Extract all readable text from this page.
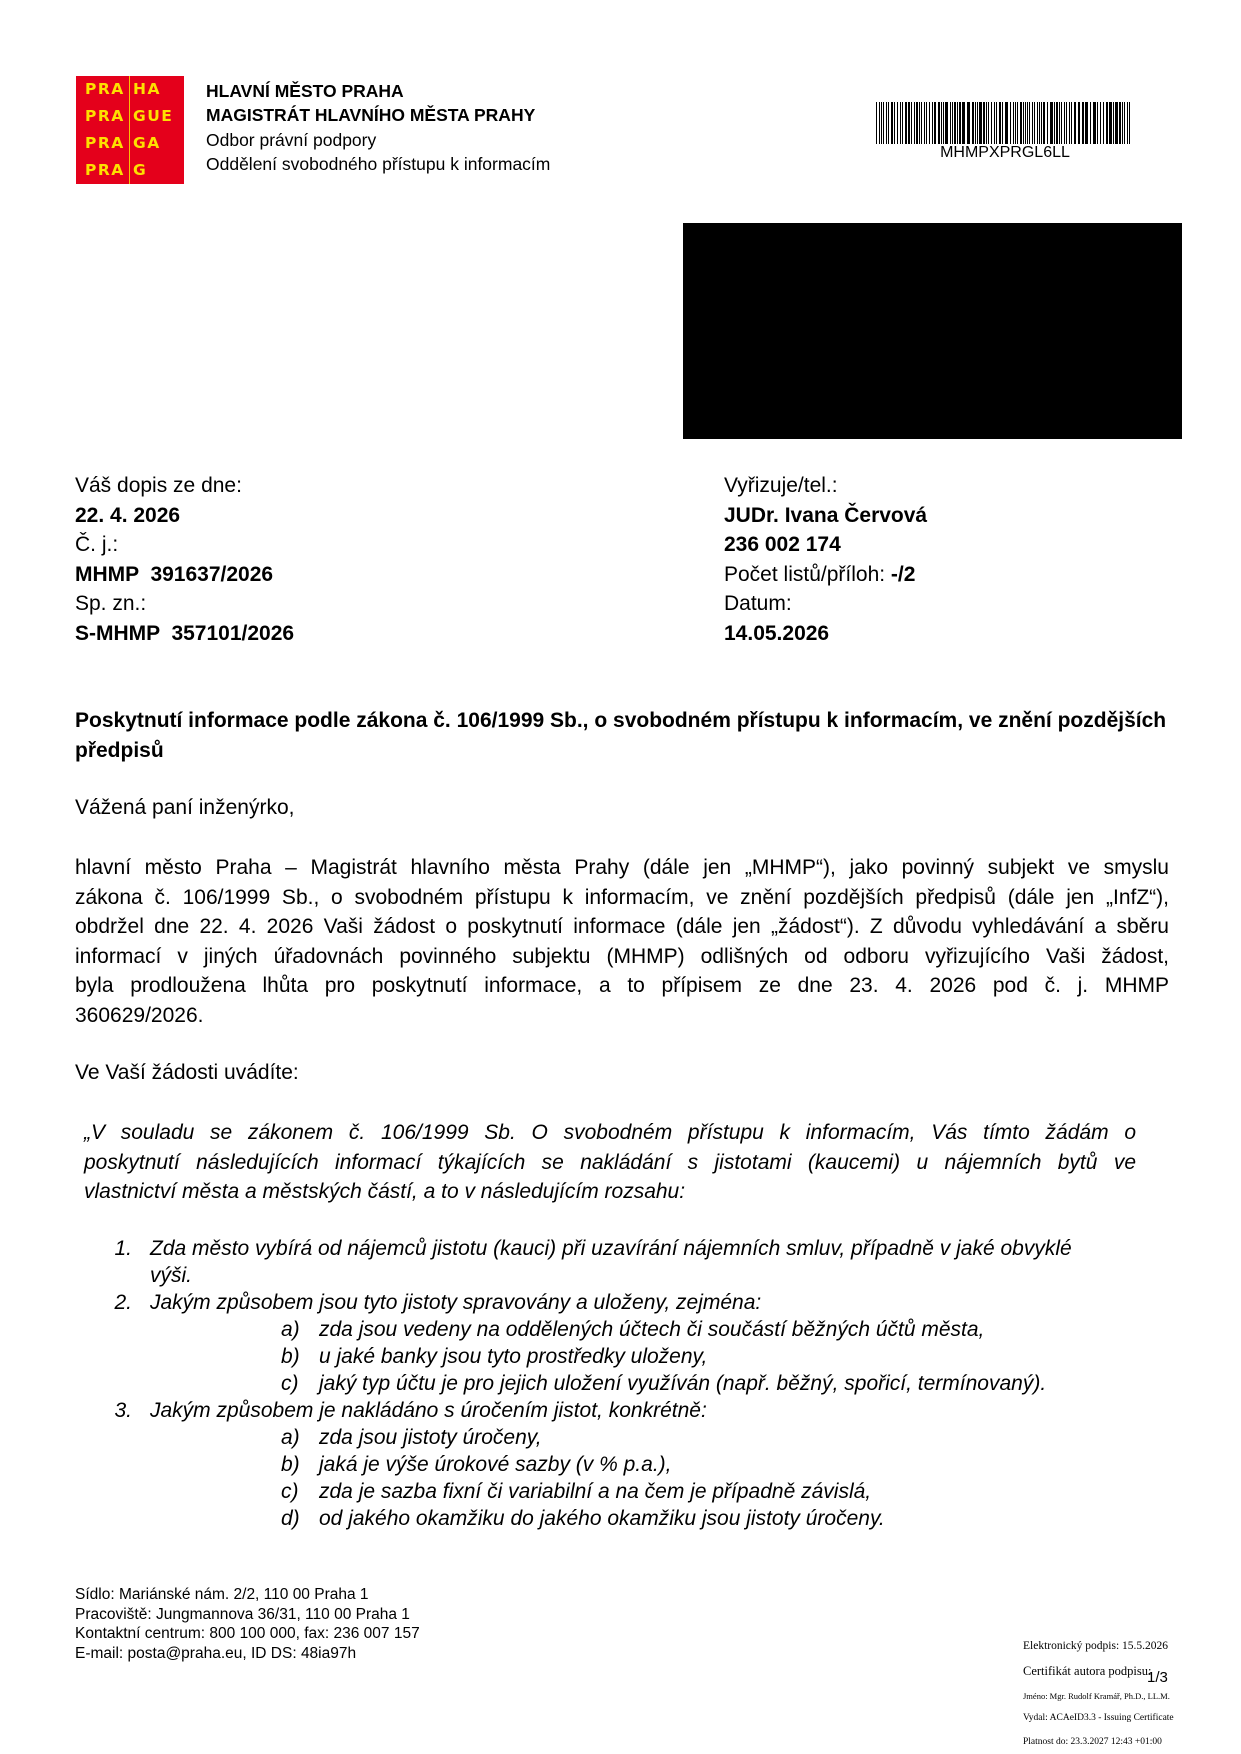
PRA HA
PRA GUE
PRA GA
PRA G
HLAVNÍ MĚSTO PRAHA
MAGISTRÁT HLAVNÍHO MĚSTA PRAHY
Odbor právní podpory
Oddělení svobodného přístupu k informacím
MHMPXPRGL6LL
Váš dopis ze dne:
22. 4. 2026
Č. j.:
MHMP  391637/2026
Sp. zn.:
S-MHMP  357101/2026
Vyřizuje/tel.:
JUDr. Ivana Červová
236 002 174
Počet listů/příloh: -/2
Datum:
14.05.2026
Poskytnutí informace podle zákona č. 106/1999 Sb., o svobodném přístupu k informacím, ve znění pozdějších předpisů
Vážená paní inženýrko,
hlavní město Praha – Magistrát hlavního města Prahy (dále jen „MHMP“), jako povinný subjekt ve smyslu
zákona č. 106/1999 Sb., o svobodném přístupu k informacím, ve znění pozdějších předpisů (dále jen „InfZ“),
obdržel dne 22. 4. 2026 Vaši žádost o poskytnutí informace (dále jen „žádost“). Z důvodu vyhledávání a sběru
informací v jiných úřadovnách povinného subjektu (MHMP) odlišných od odboru vyřizujícího Vaši žádost,
byla prodloužena lhůta pro poskytnutí informace, a to přípisem ze dne 23. 4. 2026 pod č. j. MHMP
360629/2026.
Ve Vaší žádosti uvádíte:
„V souladu se zákonem č. 106/1999 Sb. O svobodném přístupu k informacím, Vás tímto žádám o
poskytnutí následujících informací týkajících se nakládání s jistotami (kaucemi) u nájemních bytů ve
vlastnictví města a městských částí, a to v následujícím rozsahu:
1. Zda město vybírá od nájemců jistotu (kauci) při uzavírání nájemních smluv, případně v jaké obvyklé
výši.
2. Jakým způsobem jsou tyto jistoty spravovány a uloženy, zejména:
a) zda jsou vedeny na oddělených účtech či součástí běžných účtů města,
b) u jaké banky jsou tyto prostředky uloženy,
c) jaký typ účtu je pro jejich uložení využíván (např. běžný, spořicí, termínovaný).
3. Jakým způsobem je nakládáno s úročením jistot, konkrétně:
a) zda jsou jistoty úročeny,
b) jaká je výše úrokové sazby (v % p.a.),
c) zda je sazba fixní či variabilní a na čem je případně závislá,
d) od jakého okamžiku do jakého okamžiku jsou jistoty úročeny.
Sídlo: Mariánské nám. 2/2, 110 00 Praha 1
Pracoviště: Jungmannova 36/31, 110 00 Praha 1
Kontaktní centrum: 800 100 000, fax: 236 007 157
E-mail: posta@praha.eu, ID DS: 48ia97h	Elektronický podpis: 15.5.2026
Certifikát autora podpisu:
Jméno: Mgr. Rudolf Kramář, Ph.D., LL.M.
Vydal: ACAeID3.3 - Issuing Certificate
Platnost do: 23.3.2027 12:43 +01:00
1/3
